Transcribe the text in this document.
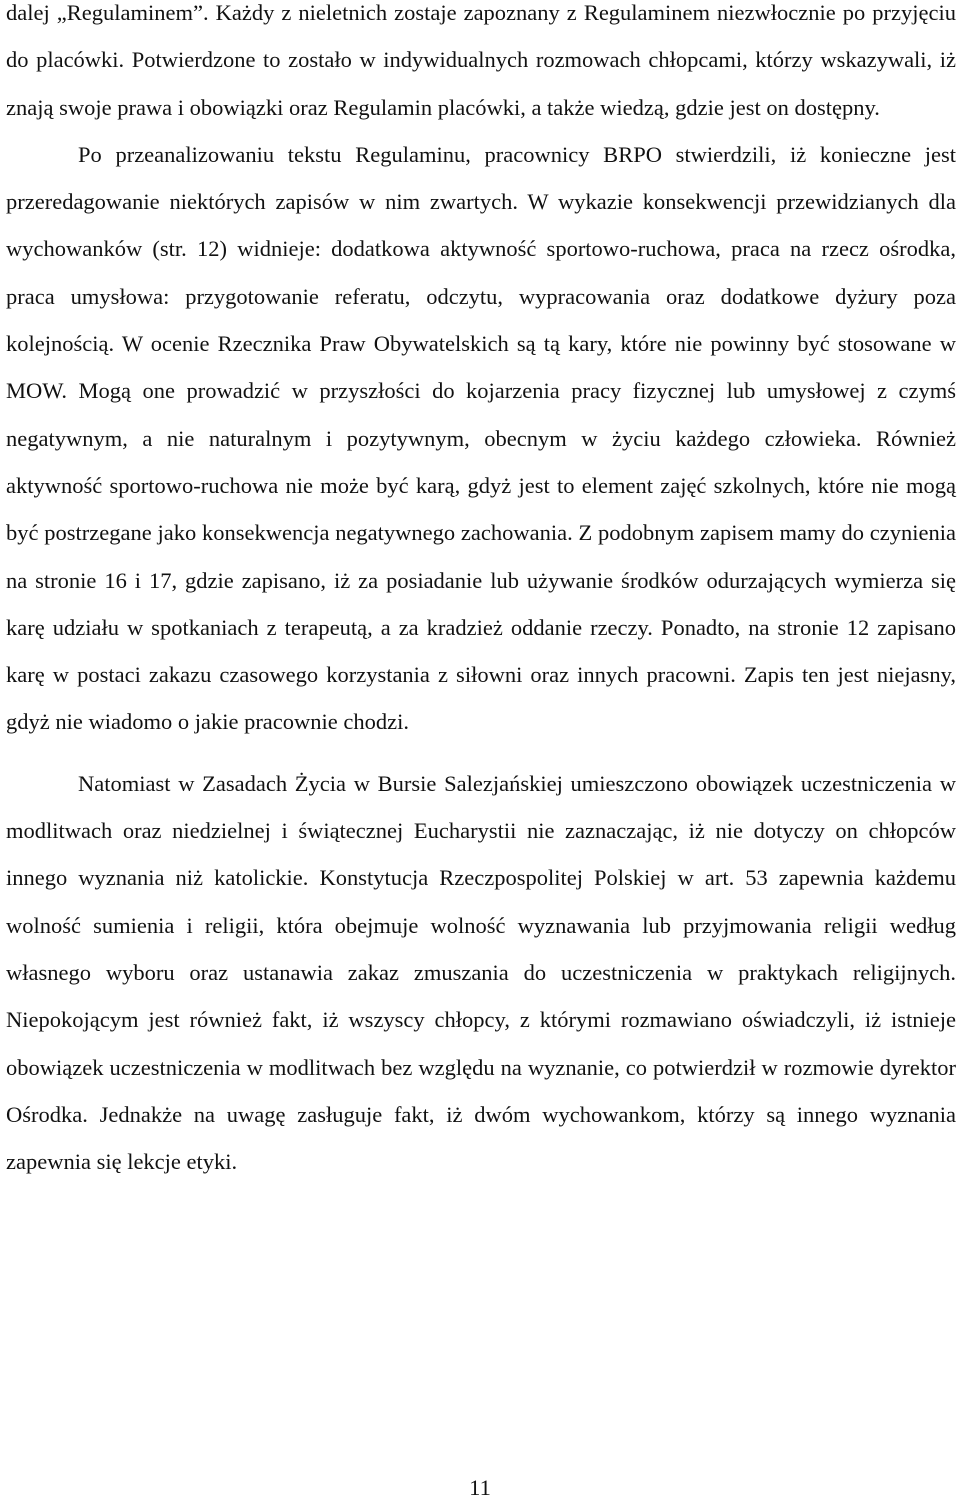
dalej „Regulaminem”. Każdy z nieletnich zostaje zapoznany z Regulaminem niezwłocznie po przyjęciu do placówki. Potwierdzone to zostało w indywidualnych rozmowach chłopcami, którzy wskazywali, iż znają swoje prawa i obowiązki oraz Regulamin placówki, a także wiedzą, gdzie jest on dostępny.

Po przeanalizowaniu tekstu Regulaminu, pracownicy BRPO stwierdzili, iż konieczne jest przeredagowanie niektórych zapisów w nim zwartych. W wykazie konsekwencji przewidzianych dla wychowanków (str. 12) widnieje: dodatkowa aktywność sportowo-ruchowa, praca na rzecz ośrodka, praca umysłowa: przygotowanie referatu, odczytu, wypracowania oraz dodatkowe dyżury poza kolejnością. W ocenie Rzecznika Praw Obywatelskich są tą kary, które nie powinny być stosowane w MOW. Mogą one prowadzić w przyszłości do kojarzenia pracy fizycznej lub umysłowej z czymś negatywnym, a nie naturalnym i pozytywnym, obecnym w życiu każdego człowieka. Również aktywność sportowo-ruchowa nie może być karą, gdyż jest to element zajęć szkolnych, które nie mogą być postrzegane jako konsekwencja negatywnego zachowania. Z podobnym zapisem mamy do czynienia na stronie 16 i 17, gdzie zapisano, iż za posiadanie lub używanie środków odurzających wymierza się karę udziału w spotkaniach z terapeutą, a za kradzież oddanie rzeczy. Ponadto, na stronie 12 zapisano karę w postaci zakazu czasowego korzystania z siłowni oraz innych pracowni. Zapis ten jest niejasny, gdyż nie wiadomo o jakie pracownie chodzi.

Natomiast w Zasadach Życia w Bursie Salezjańskiej umieszczono obowiązek uczestniczenia w modlitwach oraz niedzielnej i świątecznej Eucharystii nie zaznaczając, iż nie dotyczy on chłopców innego wyznania niż katolickie. Konstytucja Rzeczpospolitej Polskiej w art. 53 zapewnia każdemu wolność sumienia i religii, która obejmuje wolność wyznawania lub przyjmowania religii według własnego wyboru oraz ustanawia zakaz zmuszania do uczestniczenia w praktykach religijnych. Niepokojącym jest również fakt, iż wszyscy chłopcy, z którymi rozmawiano oświadczyli, iż istnieje obowiązek uczestniczenia w modlitwach bez względu na wyznanie, co potwierdził w rozmowie dyrektor Ośrodka. Jednakże na uwagę zasługuje fakt, iż dwóm wychowankom, którzy są innego wyznania zapewnia się lekcje etyki.

11
